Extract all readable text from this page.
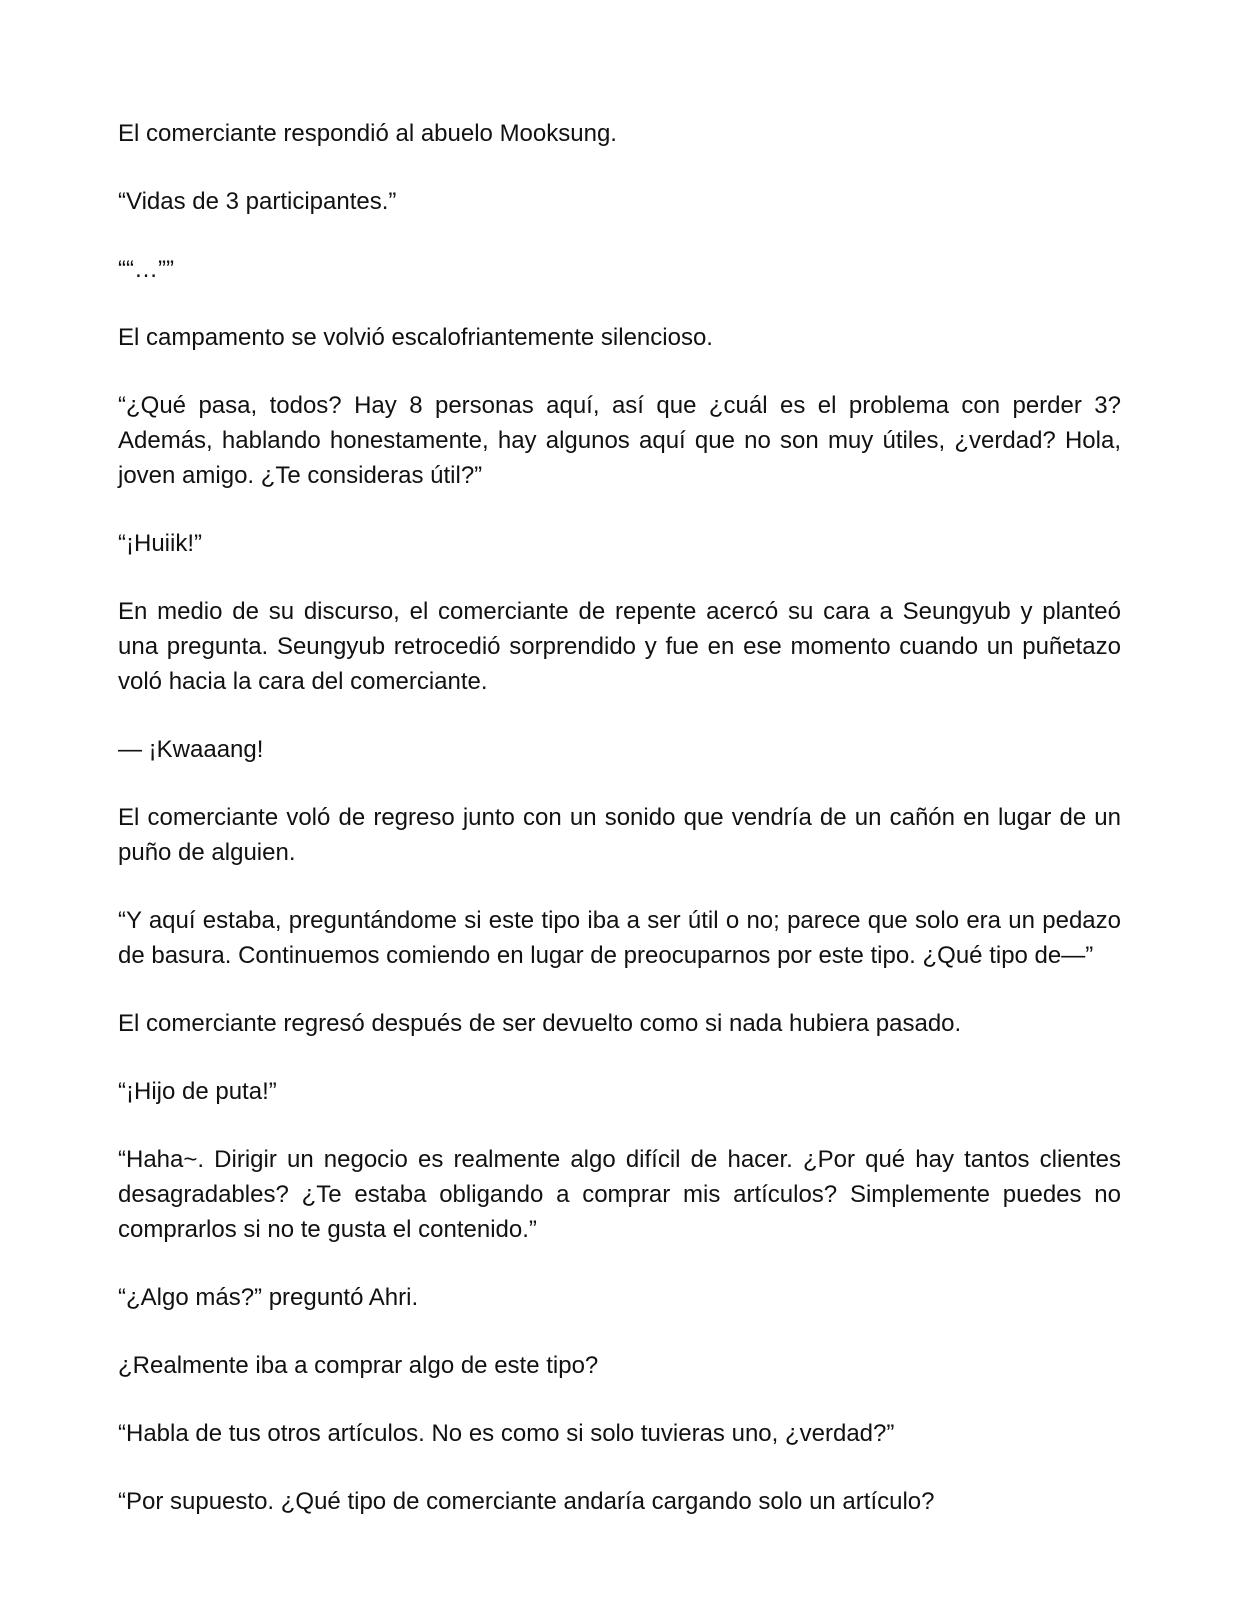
El comerciante respondió al abuelo Mooksung.

“Vidas de 3 participantes.”

““…””

El campamento se volvió escalofriantemente silencioso.

“¿Qué pasa, todos? Hay 8 personas aquí, así que ¿cuál es el problema con perder 3? Además, hablando honestamente, hay algunos aquí que no son muy útiles, ¿verdad? Hola, joven amigo. ¿Te consideras útil?”

“¡Huiik!”

En medio de su discurso, el comerciante de repente acercó su cara a Seungyub y planteó una pregunta. Seungyub retrocedió sorprendido y fue en ese momento cuando un puñetazo voló hacia la cara del comerciante.

— ¡Kwaaang!

El comerciante voló de regreso junto con un sonido que vendría de un cañón en lugar de un puño de alguien.

“Y aquí estaba, preguntándome si este tipo iba a ser útil o no; parece que solo era un pedazo de basura. Continuemos comiendo en lugar de preocuparnos por este tipo. ¿Qué tipo de—”

El comerciante regresó después de ser devuelto como si nada hubiera pasado.

“¡Hijo de puta!”

“Haha~. Dirigir un negocio es realmente algo difícil de hacer. ¿Por qué hay tantos clientes desagradables? ¿Te estaba obligando a comprar mis artículos? Simplemente puedes no comprarlos si no te gusta el contenido.”

“¿Algo más?” preguntó Ahri.

¿Realmente iba a comprar algo de este tipo?

“Habla de tus otros artículos. No es como si solo tuvieras uno, ¿verdad?”

“Por supuesto. ¿Qué tipo de comerciante andaría cargando solo un artículo?
